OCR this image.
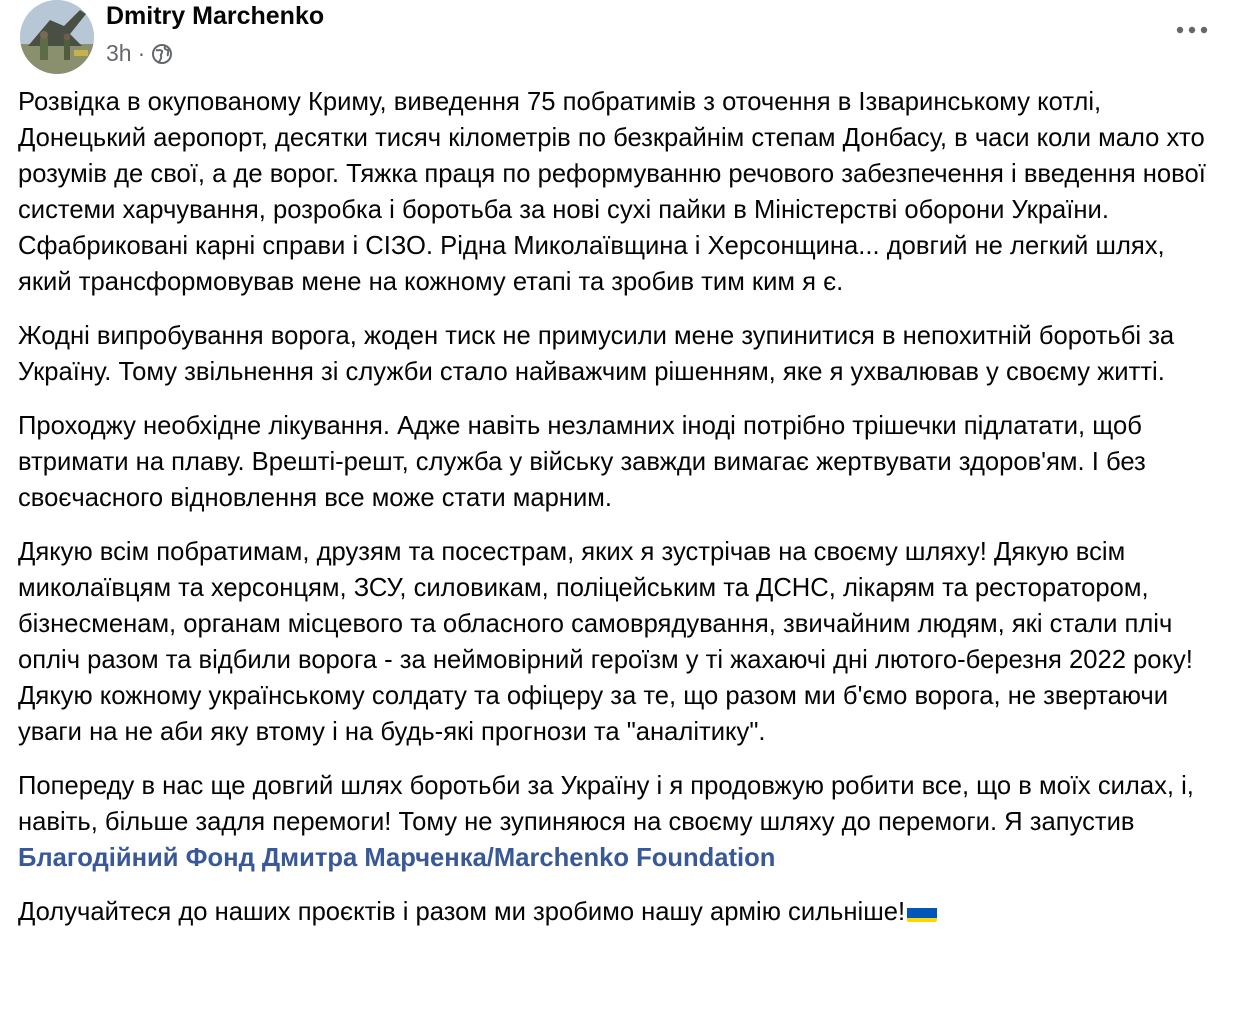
Dmitry Marchenko
3h ·

Розвідка в окупованому Криму, виведення 75 побратимів з оточення в Ізваринському котлі, Донецький аеропорт, десятки тисяч кілометрів по безкрайнім степам Донбасу, в часи коли мало хто розумів де свої, а де ворог. Тяжка праця по реформуванню речового забезпечення і введення нової системи харчування, розробка і боротьба за нові сухі пайки в Міністерстві оборони України. Сфабриковані карні справи і СІЗО. Рідна Миколаївщина і Херсонщина... довгий не легкий шлях, який трансформовував мене на кожному етапі та зробив тим ким я є.

Жодні випробування ворога, жоден тиск не примусили мене зупинитися в непохитній боротьбі за Україну. Тому звільнення зі служби стало найважчим рішенням, яке я ухвалював у своєму житті.

Проходжу необхідне лікування. Адже навіть незламних іноді потрібно трішечки підлатати, щоб втримати на плаву. Врешті-решт, служба у війську завжди вимагає жертвувати здоров'ям. І без своєчасного відновлення все може стати марним.

Дякую всім побратимам, друзям та посестрам, яких я зустрічав на своєму шляху! Дякую всім миколаївцям та херсонцям, ЗСУ, силовикам, поліцейським та ДСНС, лікарям та ресторатором, бізнесменам, органам місцевого та обласного самоврядування, звичайним людям, які стали пліч опліч разом та відбили ворога - за неймовірний героїзм у ті жахаючі дні лютого-березня 2022 року! Дякую кожному українському солдату та офіцеру за те, що разом ми б'ємо ворога, не звертаючи уваги на не аби яку втому і на будь-які прогнози та "аналітику".

Попереду в нас ще довгий шлях боротьби за Україну і я продовжую робити все, що в моїх силах, і, навіть, більше задля перемоги! Тому не зупиняюся на своєму шляху до перемоги. Я запустив Благодійний Фонд Дмитра Марченка/Marchenko Foundation

Долучайтеся до наших проєктів і разом ми зробимо нашу армію сильніше!
